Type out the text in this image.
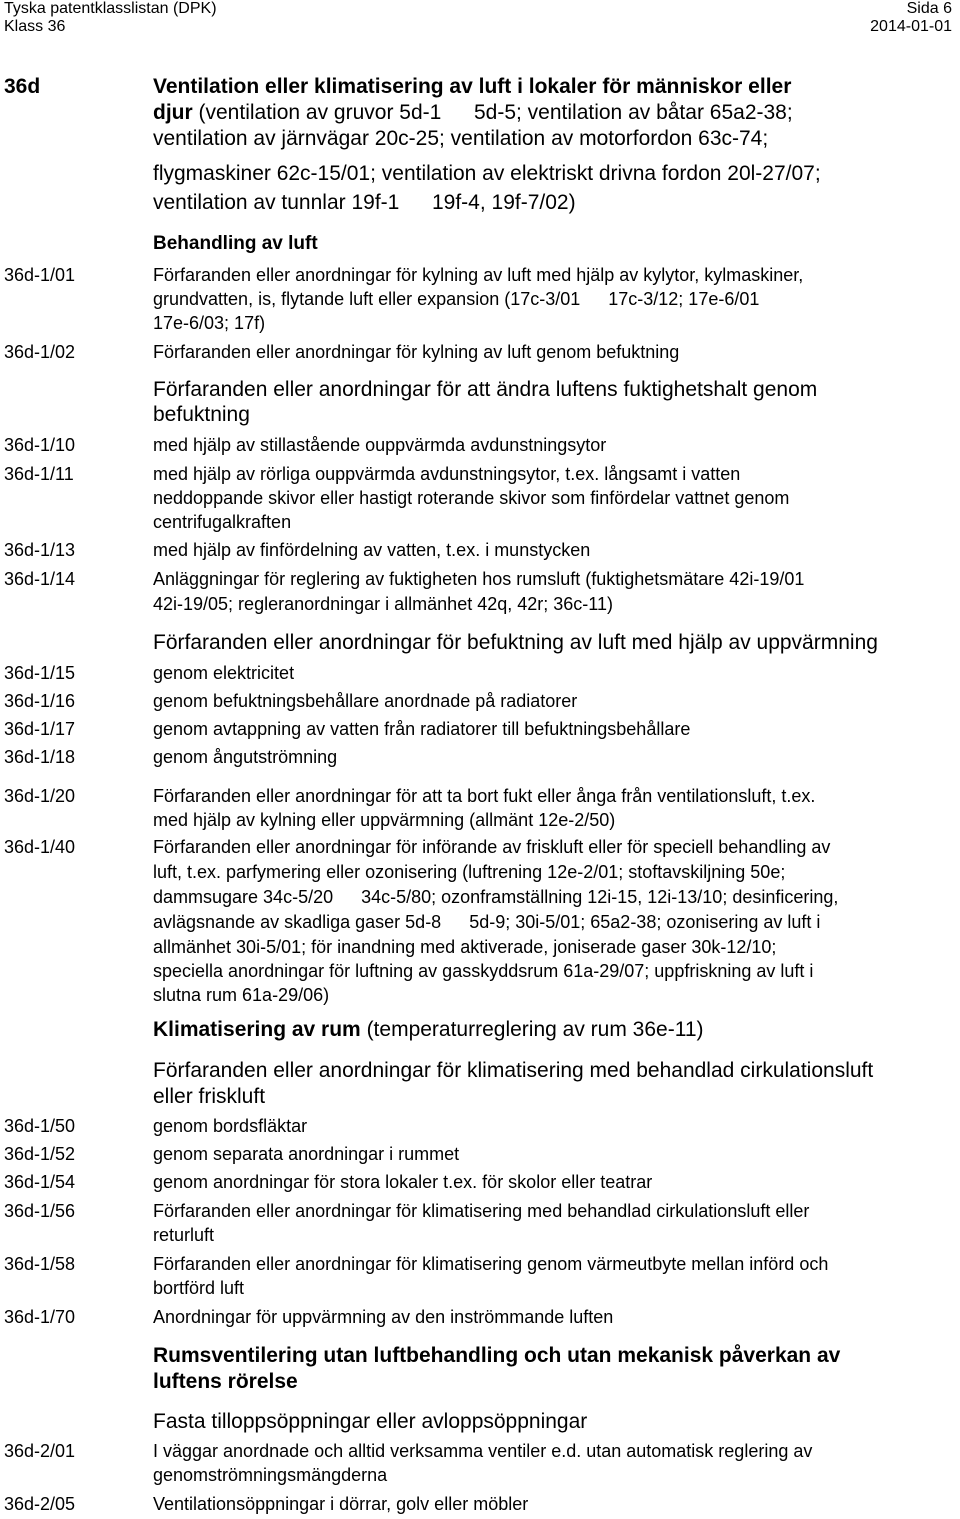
Tyska patentklasslistan (DPK)	Sida 6
Klass 36	2014-01-01
36d	Ventilation eller klimatisering av luft i lokaler för människor eller
djur (ventilation av gruvor 5d-1   5d-5; ventilation av båtar 65a2-38;
ventilation av järnvägar 20c-25; ventilation av motorfordon 63c-74;
flygmaskiner 62c-15/01; ventilation av elektriskt drivna fordon 20l-27/07;
ventilation av tunnlar 19f-1   19f-4, 19f-7/02)
Behandling av luft
36d-1/01	Förfaranden eller anordningar för kylning av luft med hjälp av kylytor, kylmaskiner,
grundvatten, is, flytande luft eller expansion (17c-3/01   17c-3/12; 17e-6/01  
17e-6/03; 17f)
36d-1/02	Förfaranden eller anordningar för kylning av luft genom befuktning
Förfaranden eller anordningar för att ändra luftens fuktighetshalt genom
befuktning
36d-1/10	med hjälp av stillastående ouppvärmda avdunstningsytor
36d-1/11	med hjälp av rörliga ouppvärmda avdunstningsytor, t.ex. långsamt i vatten
neddoppande skivor eller hastigt roterande skivor som finfördelar vattnet genom
centrifugalkraften
36d-1/13	med hjälp av finfördelning av vatten, t.ex. i munstycken
36d-1/14	Anläggningar för reglering av fuktigheten hos rumsluft (fuktighetsmätare 42i-19/01  
42i-19/05; regleranordningar i allmänhet 42q, 42r; 36c-11)
Förfaranden eller anordningar för befuktning av luft med hjälp av uppvärmning
36d-1/15	genom elektricitet
36d-1/16	genom befuktningsbehållare anordnade på radiatorer
36d-1/17	genom avtappning av vatten från radiatorer till befuktningsbehållare
36d-1/18	genom ångutströmning
36d-1/20	Förfaranden eller anordningar för att ta bort fukt eller ånga från ventilationsluft, t.ex.
med hjälp av kylning eller uppvärmning (allmänt 12e-2/50)
36d-1/40	Förfaranden eller anordningar för införande av friskluft eller för speciell behandling av
luft, t.ex. parfymering eller ozonisering (luftrening 12e-2/01; stoftavskiljning 50e;
dammsugare 34c-5/20   34c-5/80; ozonframställning 12i-15, 12i-13/10; desinficering,
avlägsnande av skadliga gaser 5d-8   5d-9; 30i-5/01; 65a2-38; ozonisering av luft i
allmänhet 30i-5/01; för inandning med aktiverade, joniserade gaser 30k-12/10;
speciella anordningar för luftning av gasskyddsrum 61a-29/07; uppfriskning av luft i
slutna rum 61a-29/06)
Klimatisering av rum (temperaturreglering av rum 36e-11)
Förfaranden eller anordningar för klimatisering med behandlad cirkulationsluft
eller friskluft
36d-1/50	genom bordsfläktar
36d-1/52	genom separata anordningar i rummet
36d-1/54	genom anordningar för stora lokaler t.ex. för skolor eller teatrar
36d-1/56	Förfaranden eller anordningar för klimatisering med behandlad cirkulationsluft eller
returluft
36d-1/58	Förfaranden eller anordningar för klimatisering genom värmeutbyte mellan införd och
bortförd luft
36d-1/70	Anordningar för uppvärmning av den inströmmande luften
Rumsventilering utan luftbehandling och utan mekanisk påverkan av
luftens rörelse
Fasta tilloppsöppningar eller avloppsöppningar
36d-2/01	I väggar anordnade och alltid verksamma ventiler e.d. utan automatisk reglering av
genomströmningsmängderna
36d-2/05	Ventilationsöppningar i dörrar, golv eller möbler
